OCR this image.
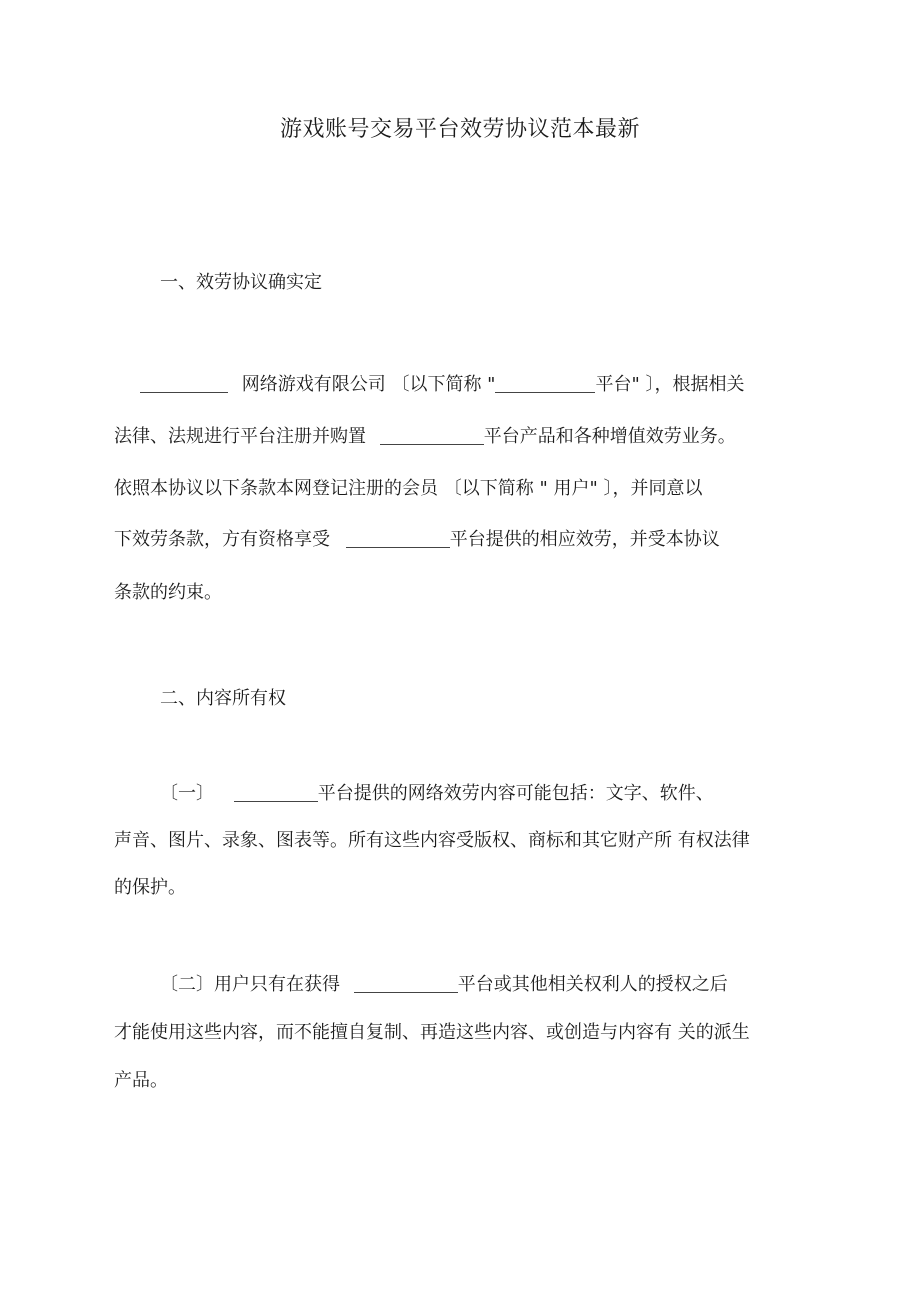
游戏账号交易平台效劳协议范本最新
一、效劳协议确实定
网络游戏有限公司 〔以下简称 "	平台" 〕，根据相关
法律、法规进行平台注册并购置	平台产品和各种增值效劳业务。
依照本协议以下条款本网登记注册的会员 〔以下简称 " 用户" 〕，并同意以
下效劳条款，方有资格享受	平台提供的相应效劳，并受本协议
条款的约束。
二、内容所有权
〔一〕	平台提供的网络效劳内容可能包括：文字、软件、
声音、图片、录象、图表等。所有这些内容受版权、商标和其它财产所 有权法律
的保护。
〔二〕用户只有在获得	平台或其他相关权利人的授权之后
才能使用这些内容，而不能擅自复制、再造这些内容、或创造与内容有 关的派生
产品。
